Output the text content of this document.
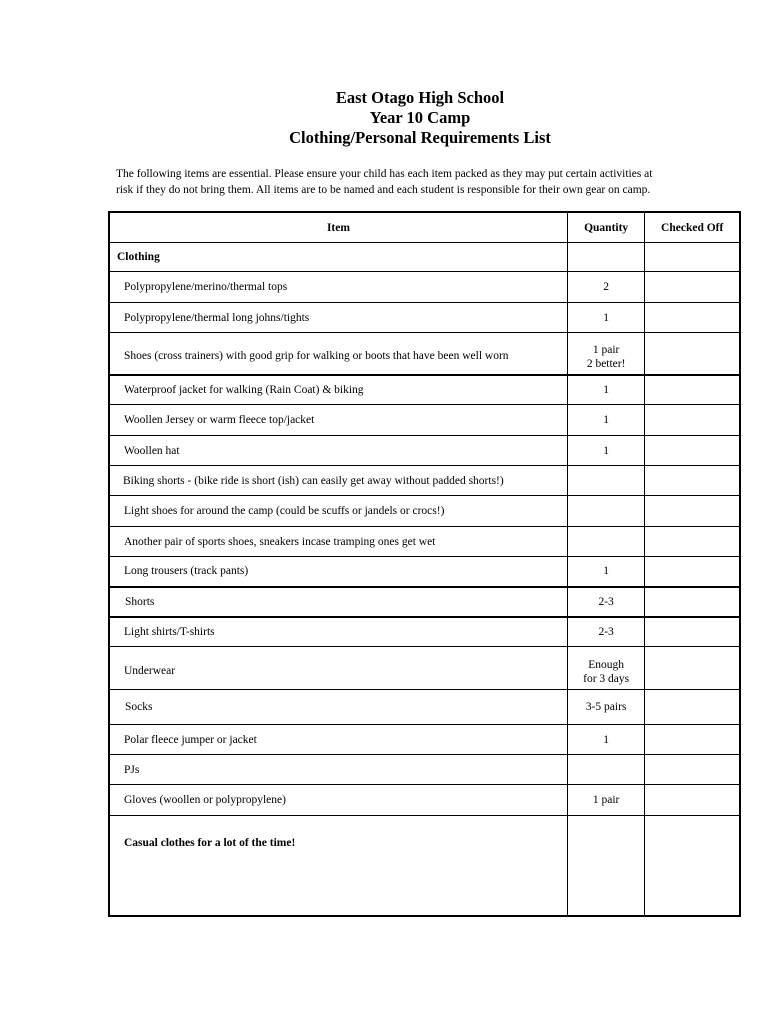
East Otago High School
Year 10 Camp
Clothing/Personal Requirements List
The following items are essential. Please ensure your child has each item packed as they may put certain activities at risk if they do not bring them. All items are to be named and each student is responsible for their own gear on camp.
Item	Quantity	Checked Off
Clothing		
Polypropylene/merino/thermal tops	2	

Polypropylene/thermal long johns/tights	1	

Shoes (cross trainers) with good grip for walking or boots that have been well worn	1 pair
2 better!	

Waterproof jacket for walking (Rain Coat) & biking	1	

Woollen Jersey or warm fleece top/jacket	1	

Woollen hat	1	

Biking shorts - (bike ride is short (ish) can easily get away without padded shorts!)	

Light shoes for around the camp (could be scuffs or jandels or crocs!)	

Another pair of sports shoes, sneakers incase tramping ones get wet	

Long trousers (track pants)	1	

Shorts	2-3	

Light shirts/T-shirts	2-3	

Underwear	Enough
for 3 days	

Socks	3-5 pairs	

Polar fleece jumper or jacket	1	

PJs	

Gloves (woollen or polypropylene)	1 pair	

Casual clothes for a lot of the time!		
